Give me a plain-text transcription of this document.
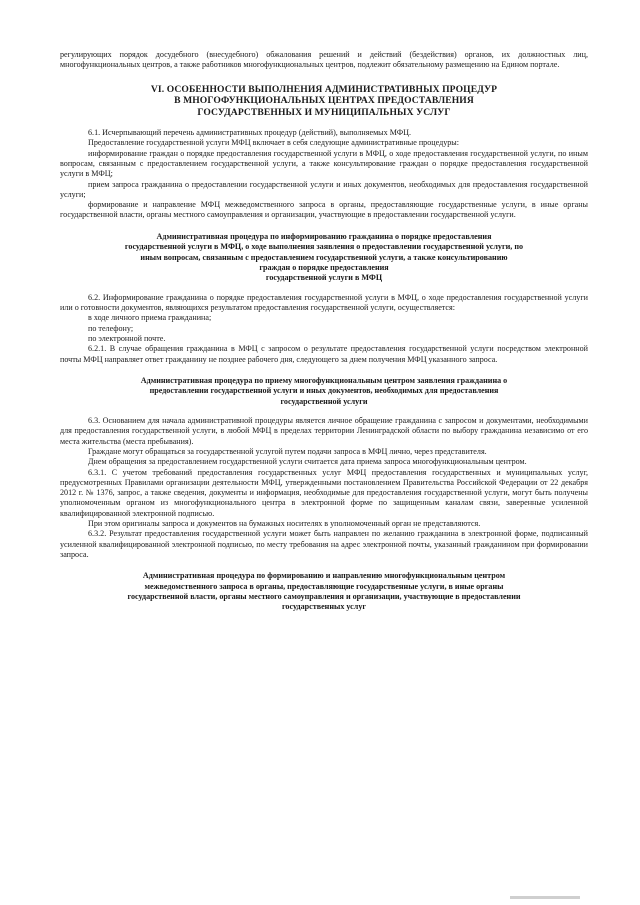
регулирующих порядок досудебного (внесудебного) обжалования решений и действий (бездействия) органов, их должностных лиц, многофункциональных центров, а также работников многофункциональных центров, подлежит обязательному размещению на Едином портале.

VI. ОСОБЕННОСТИ ВЫПОЛНЕНИЯ АДМИНИСТРАТИВНЫХ ПРОЦЕДУР
В МНОГОФУНКЦИОНАЛЬНЫХ ЦЕНТРАХ ПРЕДОСТАВЛЕНИЯ
ГОСУДАРСТВЕННЫХ И МУНИЦИПАЛЬНЫХ УСЛУГ

6.1. Исчерпывающий перечень административных процедур (действий), выполняемых МФЦ.

Предоставление государственной услуги МФЦ включает в себя следующие административные процедуры:

информирование граждан о порядке предоставления государственной услуги в МФЦ, о ходе предоставления государственной услуги, по иным вопросам, связанным с предоставлением государственной услуги, а также консультирование граждан о порядке предоставления государственной услуги в МФЦ;

прием запроса гражданина о предоставлении государственной услуги и иных документов, необходимых для предоставления государственной услуги;

формирование и направление МФЦ межведомственного запроса в органы, предоставляющие государственные услуги, в иные органы государственной власти, органы местного самоуправления и организации, участвующие в предоставлении государственной услуги.

Административная процедура по информированию гражданина о порядке предоставления
государственной услуги в МФЦ, о ходе выполнения заявления о предоставлении государственной услуги, по
иным вопросам, связанным с предоставлением государственной услуги, а также консультированию
граждан о порядке предоставления
государственной услуги в МФЦ

6.2. Информирование гражданина о порядке предоставления государственной услуги в МФЦ, о ходе предоставления государственной услуги или о готовности документов, являющихся результатом предоставления государственной услуги, осуществляется:

в ходе личного приема гражданина;

по телефону;

по электронной почте.

6.2.1. В случае обращения гражданина в МФЦ с запросом о результате предоставления государственной услуги посредством электронной почты МФЦ направляет ответ гражданину не позднее рабочего дня, следующего за днем получения МФЦ указанного запроса.

Административная процедура по приему многофункциональным центром заявления гражданина о
предоставлении государственной услуги и иных документов, необходимых для предоставления
государственной услуги

6.3. Основанием для начала административной процедуры является личное обращение гражданина с запросом и документами, необходимыми для предоставления государственной услуги, в любой МФЦ в пределах территории Ленинградской области по выбору гражданина независимо от его места жительства (места пребывания).

Граждане могут обращаться за государственной услугой путем подачи запроса в МФЦ лично, через представителя.

Днем обращения за предоставлением государственной услуги считается дата приема запроса многофункциональным центром.

6.3.1. С учетом требований предоставления государственных услуг МФЦ предоставления государственных и муниципальных услуг, предусмотренных Правилами организации деятельности МФЦ, утвержденными постановлением Правительства Российской Федерации от 22 декабря 2012 г. № 1376, запрос, а также сведения, документы и информация, необходимые для предоставления государственной услуги, могут быть получены уполномоченным органом из многофункционального центра в электронной форме по защищенным каналам связи, заверенные усиленной квалифицированной электронной подписью.

При этом оригиналы запроса и документов на бумажных носителях в уполномоченный орган не представляются.

6.3.2. Результат предоставления государственной услуги может быть направлен по желанию гражданина в электронной форме, подписанный усиленной квалифицированной электронной подписью, по месту требования на адрес электронной почты, указанный гражданином при формировании запроса.

Административная процедура по формированию и направлению многофункциональным центром
межведомственного запроса в органы, предоставляющие государственные услуги, в иные органы
государственной власти, органы местного самоуправления и организации, участвующие в предоставлении
государственных услуг
